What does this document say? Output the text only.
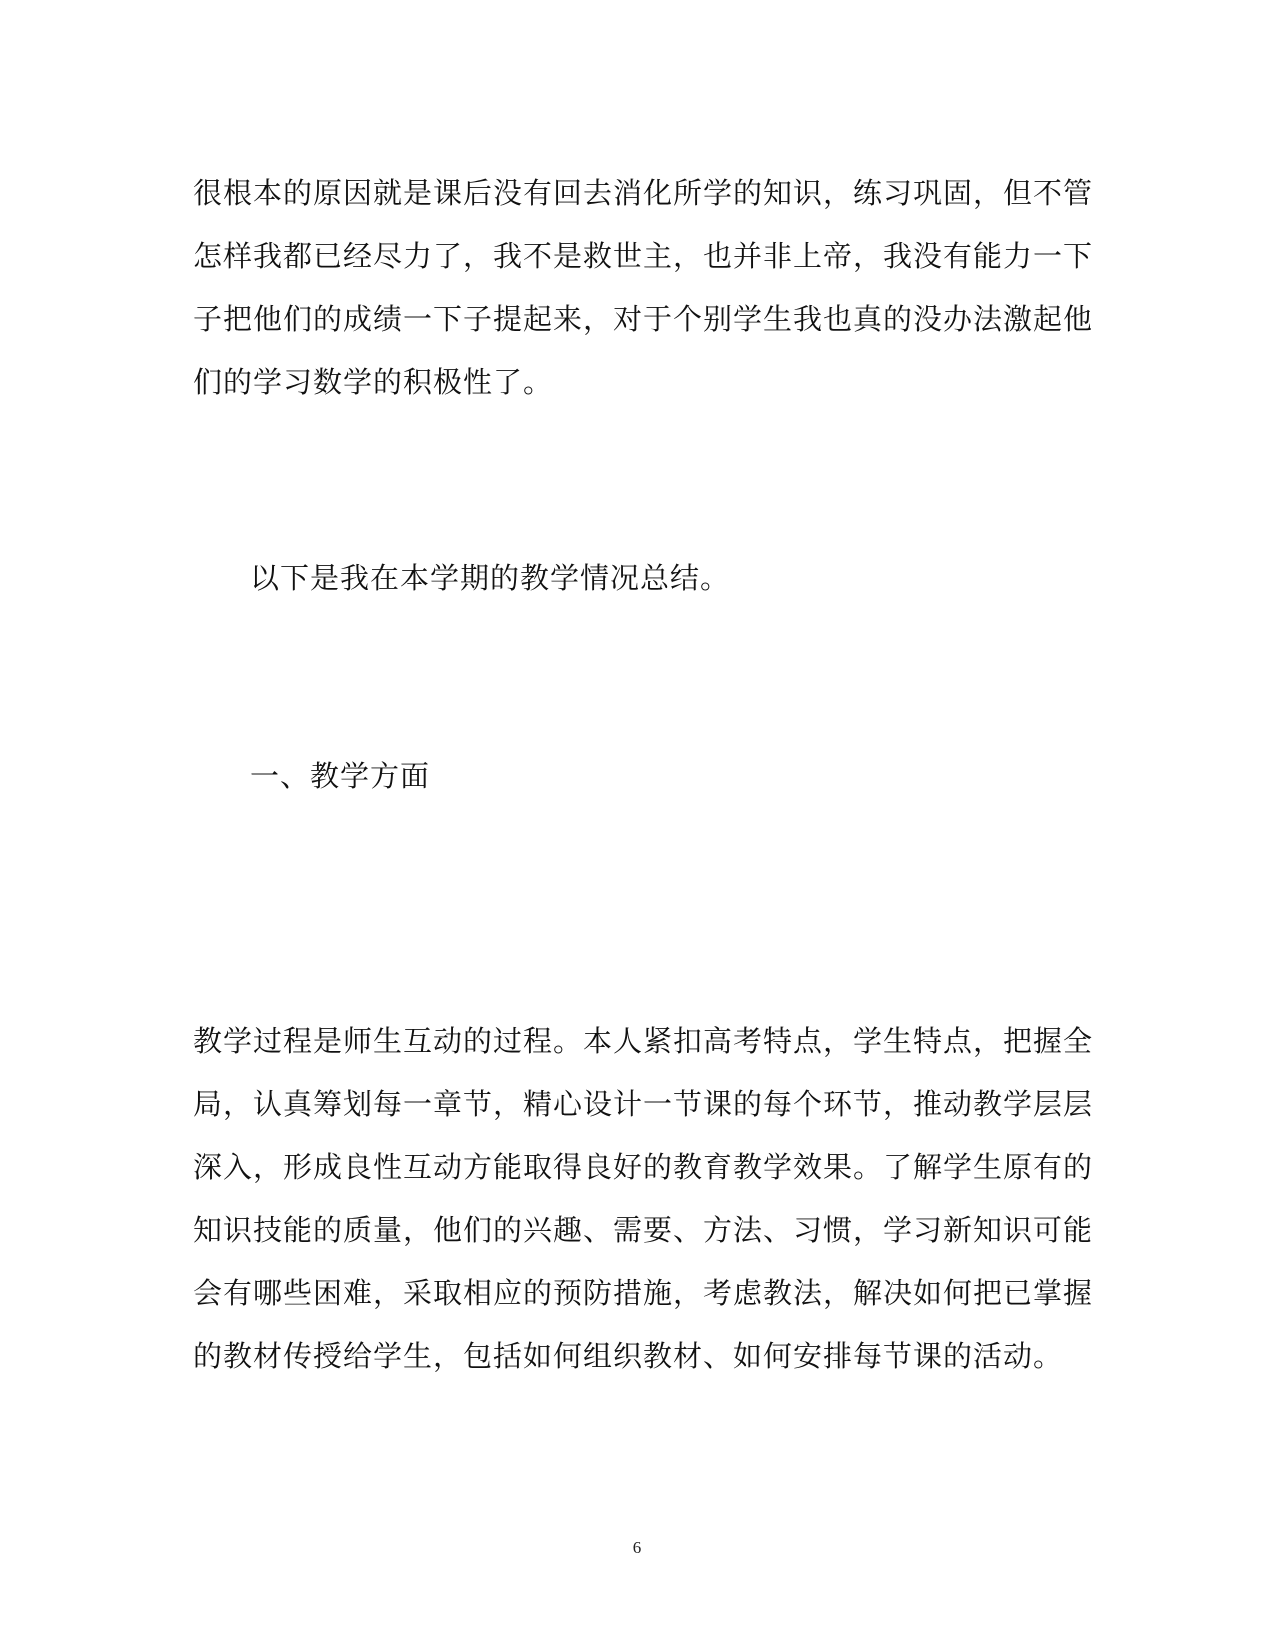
很根本的原因就是课后没有回去消化所学的知识，练习巩固，但不管
怎样我都已经尽力了，我不是救世主，也并非上帝，我没有能力一下
子把他们的成绩一下子提起来，对于个别学生我也真的没办法激起他
们的学习数学的积极性了。
以下是我在本学期的教学情况总结。
一、教学方面
教学过程是师生互动的过程。本人紧扣高考特点，学生特点，把握全
局，认真筹划每一章节，精心设计一节课的每个环节，推动教学层层
深入，形成良性互动方能取得良好的教育教学效果。了解学生原有的
知识技能的质量，他们的兴趣、需要、方法、习惯，学习新知识可能
会有哪些困难，采取相应的预防措施，考虑教法，解决如何把已掌握
的教材传授给学生，包括如何组织教材、如何安排每节课的活动。
6
